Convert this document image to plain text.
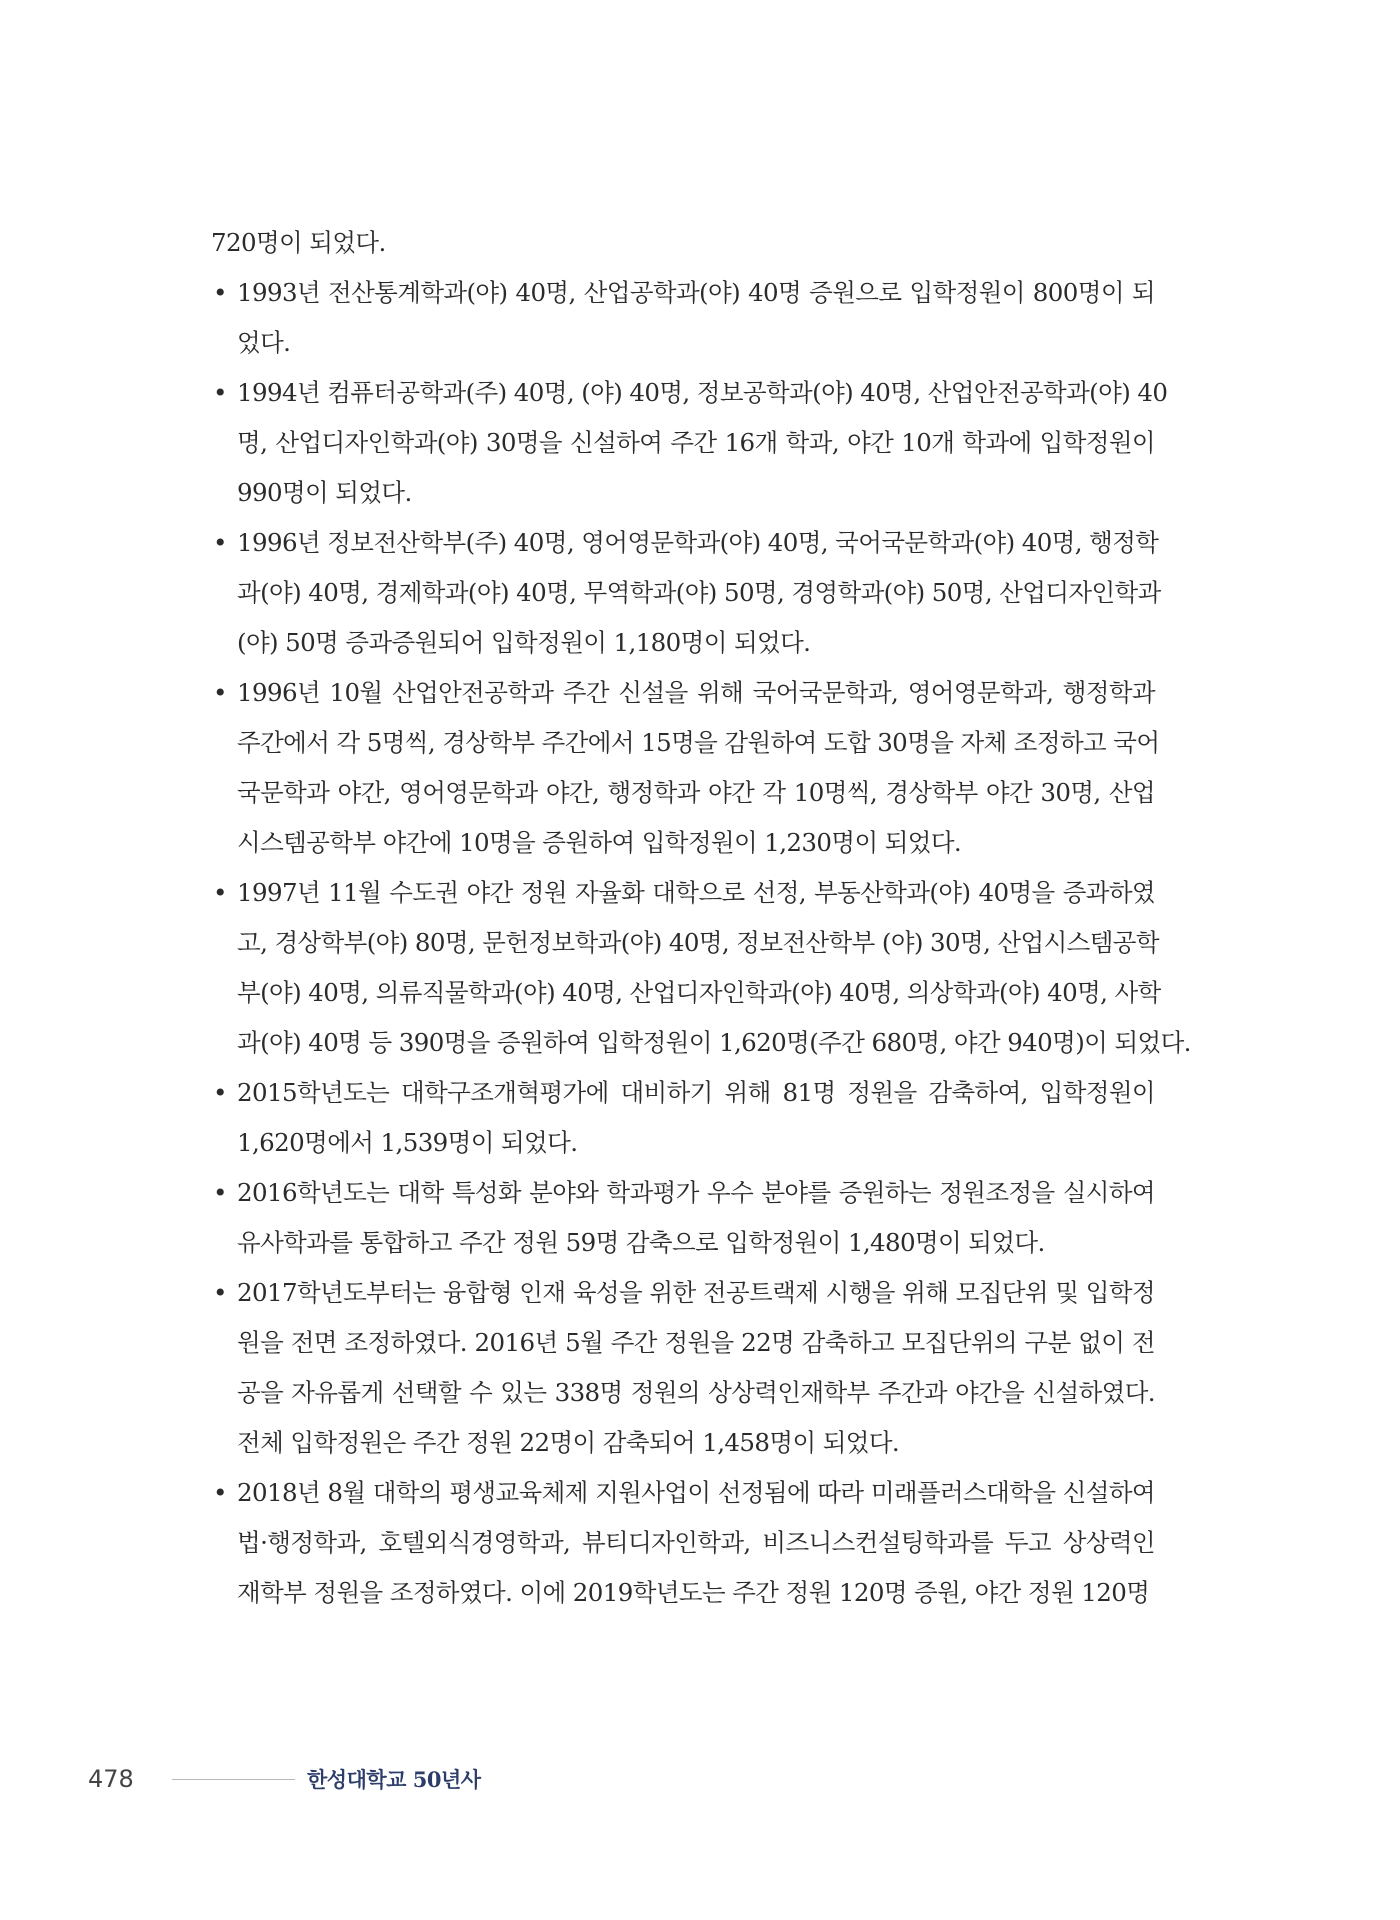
720명이 되었다.
• 1993년 전산통계학과(야) 40명, 산업공학과(야) 40명 증원으로 입학정원이 800명이 되
었다.
• 1994년 컴퓨터공학과(주) 40명, (야) 40명, 정보공학과(야) 40명, 산업안전공학과(야) 40
명, 산업디자인학과(야) 30명을 신설하여 주간 16개 학과, 야간 10개 학과에 입학정원이
990명이 되었다.
• 1996년 정보전산학부(주) 40명, 영어영문학과(야) 40명, 국어국문학과(야) 40명, 행정학
과(야) 40명, 경제학과(야) 40명, 무역학과(야) 50명, 경영학과(야) 50명, 산업디자인학과
(야) 50명 증과증원되어 입학정원이 1,180명이 되었다.
• 1996년 10월 산업안전공학과 주간 신설을 위해 국어국문학과, 영어영문학과, 행정학과
주간에서 각 5명씩, 경상학부 주간에서 15명을 감원하여 도합 30명을 자체 조정하고 국어
국문학과 야간, 영어영문학과 야간, 행정학과 야간 각 10명씩, 경상학부 야간 30명, 산업
시스템공학부 야간에 10명을 증원하여 입학정원이 1,230명이 되었다.
• 1997년 11월 수도권 야간 정원 자율화 대학으로 선정, 부동산학과(야) 40명을 증과하였
고, 경상학부(야) 80명, 문헌정보학과(야) 40명, 정보전산학부 (야) 30명, 산업시스템공학
부(야) 40명, 의류직물학과(야) 40명, 산업디자인학과(야) 40명, 의상학과(야) 40명, 사학
과(야) 40명 등 390명을 증원하여 입학정원이 1,620명(주간 680명, 야간 940명)이 되었다.
• 2015학년도는 대학구조개혁평가에 대비하기 위해 81명 정원을 감축하여, 입학정원이
1,620명에서 1,539명이 되었다.
• 2016학년도는 대학 특성화 분야와 학과평가 우수 분야를 증원하는 정원조정을 실시하여
유사학과를 통합하고 주간 정원 59명 감축으로 입학정원이 1,480명이 되었다.
• 2017학년도부터는 융합형 인재 육성을 위한 전공트랙제 시행을 위해 모집단위 및 입학정
원을 전면 조정하였다. 2016년 5월 주간 정원을 22명 감축하고 모집단위의 구분 없이 전
공을 자유롭게 선택할 수 있는 338명 정원의 상상력인재학부 주간과 야간을 신설하였다.
전체 입학정원은 주간 정원 22명이 감축되어 1,458명이 되었다.
• 2018년 8월 대학의 평생교육체제 지원사업이 선정됨에 따라 미래플러스대학을 신설하여
법·행정학과, 호텔외식경영학과, 뷰티디자인학과, 비즈니스컨설팅학과를 두고 상상력인
재학부 정원을 조정하였다. 이에 2019학년도는 주간 정원 120명 증원, 야간 정원 120명
478	한성대학교 50년사
